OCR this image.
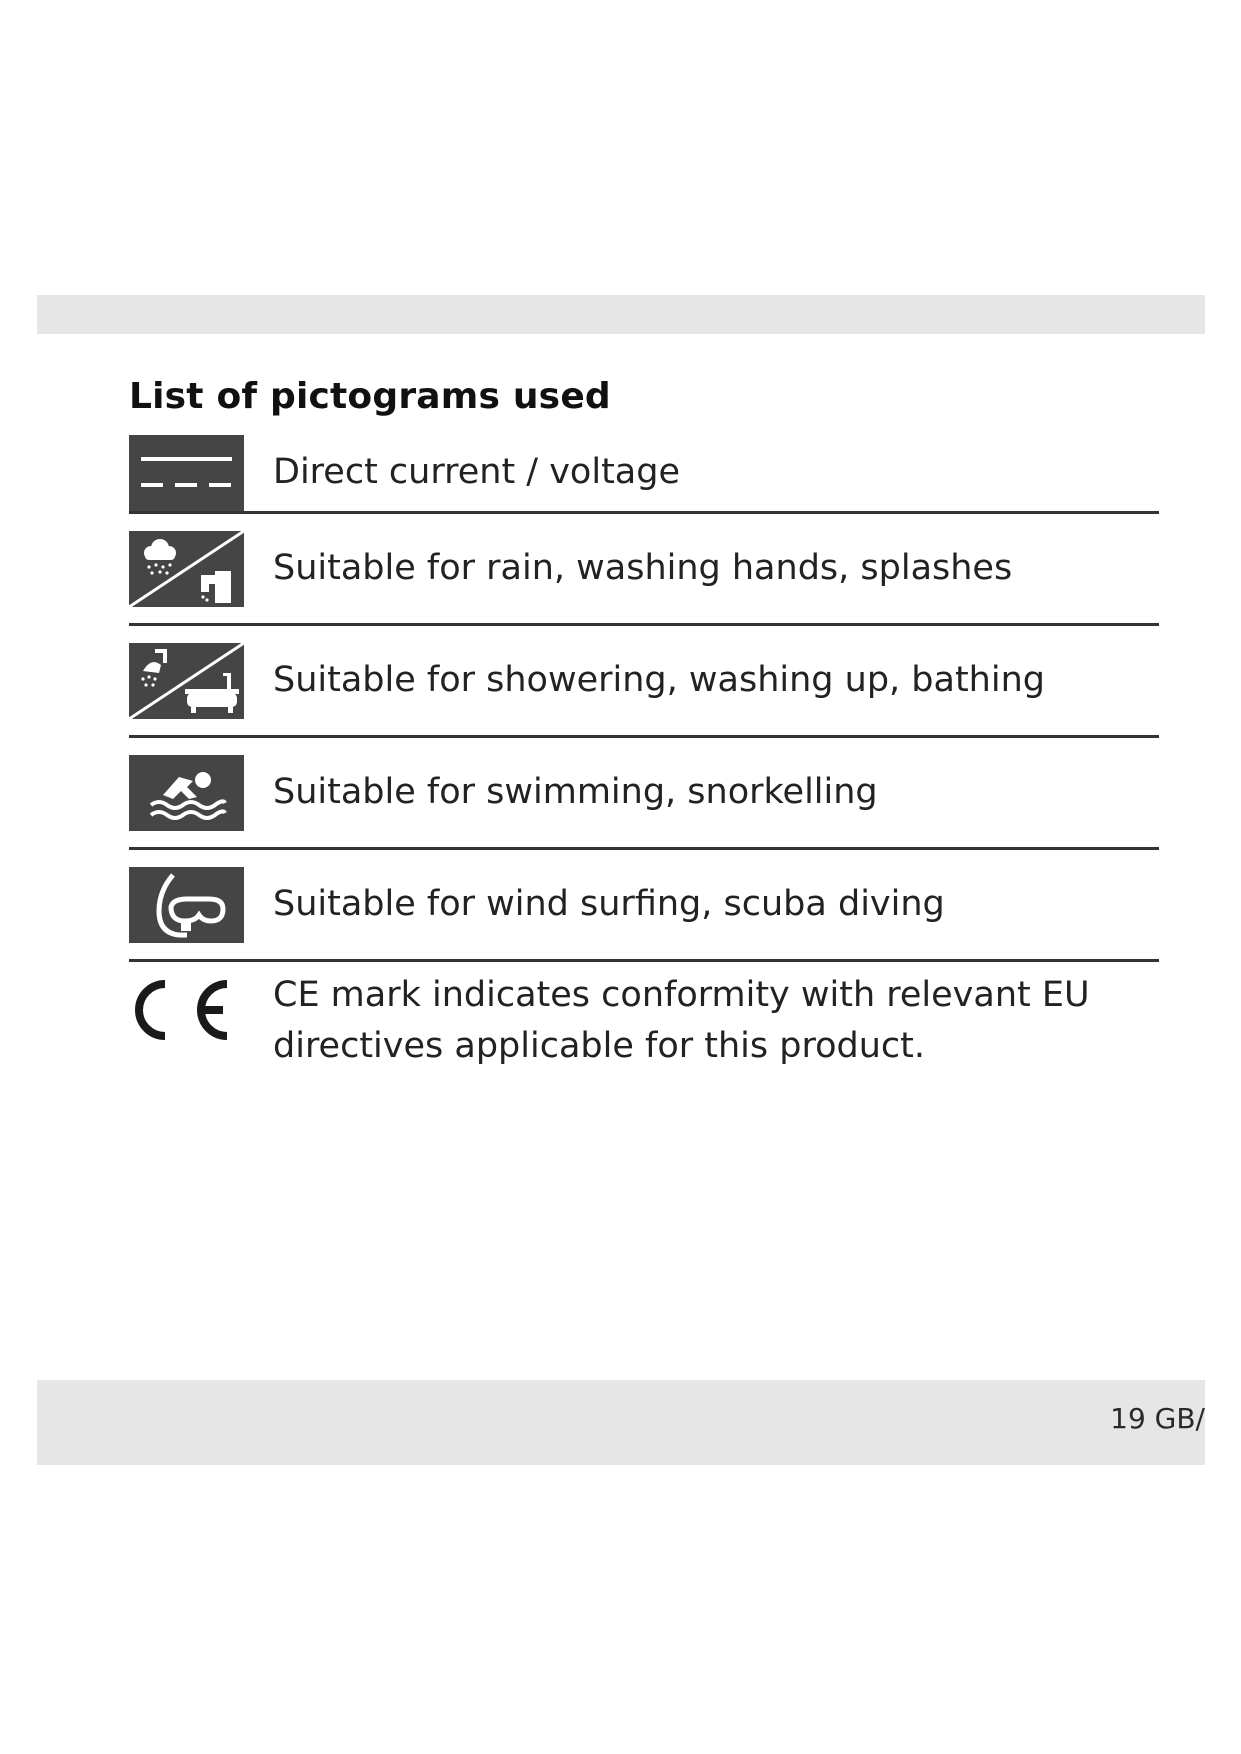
List of pictograms used
Direct current / voltage
Suitable for rain, washing hands, splashes
Suitable for showering, washing up, bathing
Suitable for swimming, snorkelling
Suitable for wind surfing, scuba diving
CE mark indicates conformity with relevant EU
directives applicable for this product.
19 GB/
